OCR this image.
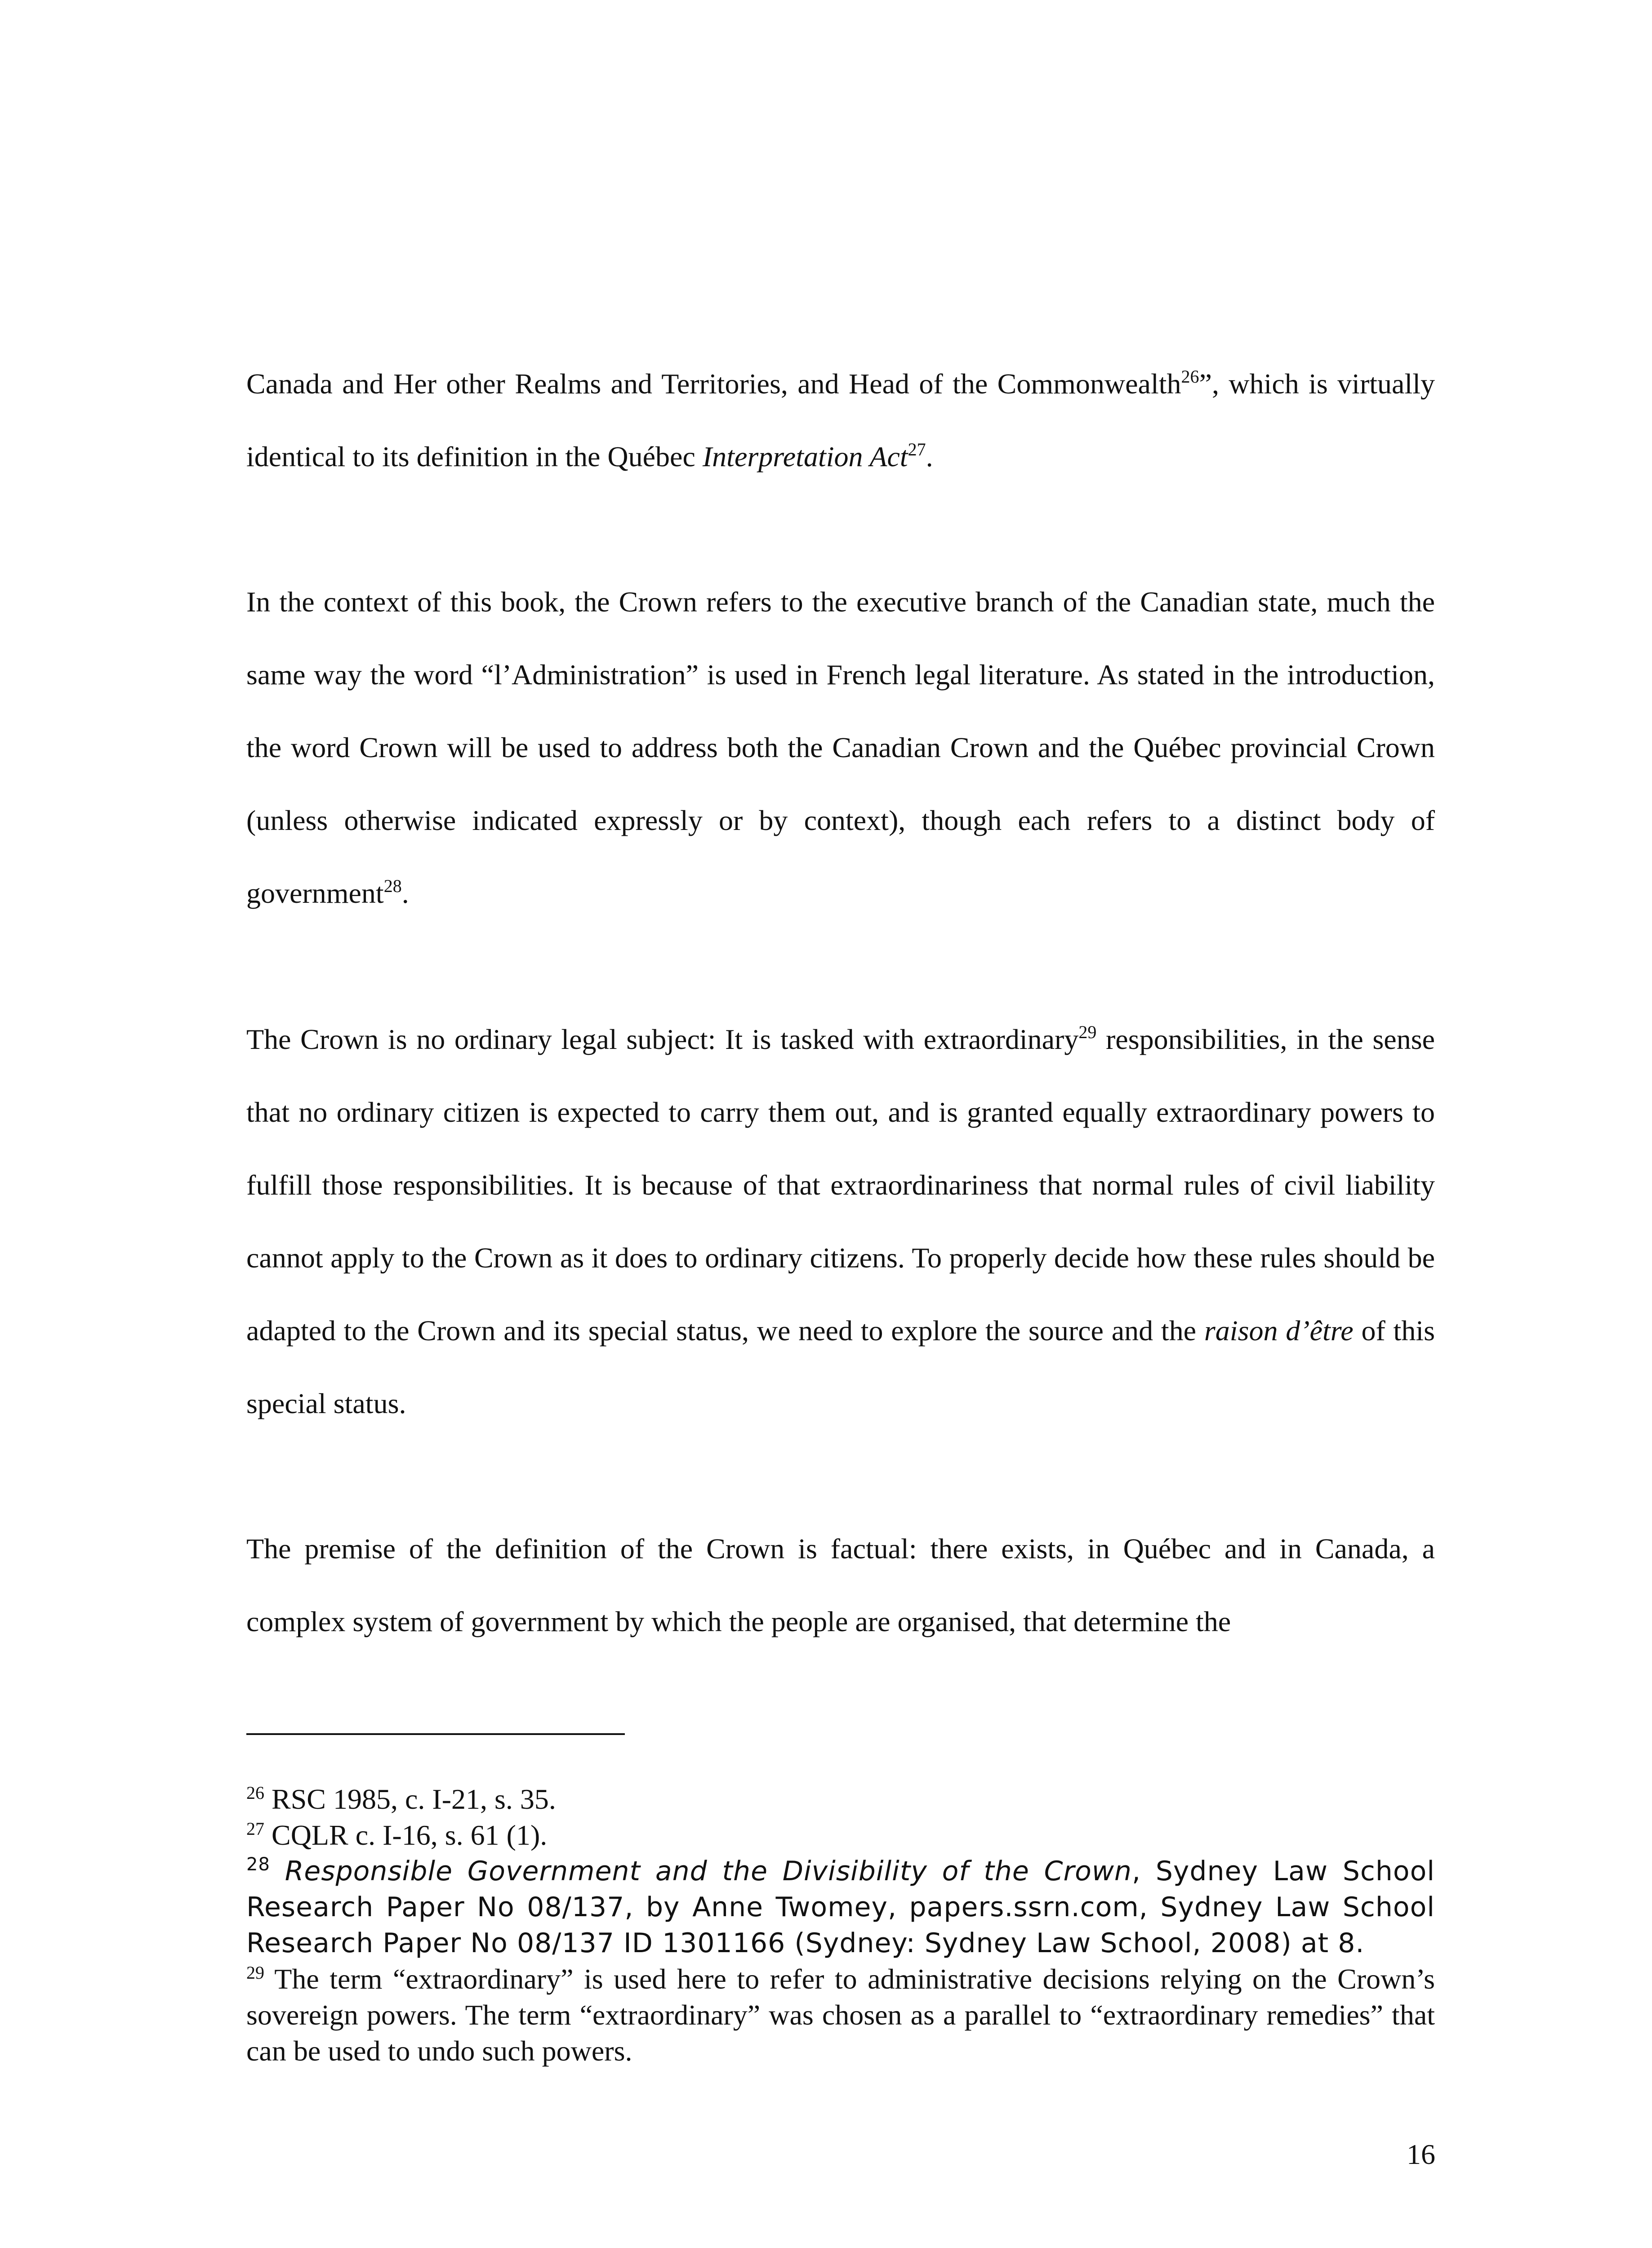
Canada and Her other Realms and Territories, and Head of the Commonwealth$^{26}$”, which is virtually identical to its definition in the Québec Interpretation Act$^{27}$.

In the context of this book, the Crown refers to the executive branch of the Canadian state, much the same way the word “l’Administration” is used in French legal literature. As stated in the introduction, the word Crown will be used to address both the Canadian Crown and the Québec provincial Crown (unless otherwise indicated expressly or by context), though each refers to a distinct body of government$^{28}$.

The Crown is no ordinary legal subject: It is tasked with extraordinary$^{29}$ responsibilities, in the sense that no ordinary citizen is expected to carry them out, and is granted equally extraordinary powers to fulfill those responsibilities. It is because of that extraordinariness that normal rules of civil liability cannot apply to the Crown as it does to ordinary citizens. To properly decide how these rules should be adapted to the Crown and its special status, we need to explore the source and the raison d’être of this special status.

The premise of the definition of the Crown is factual: there exists, in Québec and in Canada, a complex system of government by which the people are organised, that determine the

$^{26}$ RSC 1985, c. I-21, s. 35.

$^{27}$ CQLR c. I-16, s. 61 (1).

$^{28}$ Responsible Government and the Divisibility of the Crown, Sydney Law School Research Paper No 08/137, by Anne Twomey, papers.ssrn.com, Sydney Law School Research Paper No 08/137 ID 1301166 (Sydney: Sydney Law School, 2008) at 8.

$^{29}$ The term “extraordinary” is used here to refer to administrative decisions relying on the Crown’s sovereign powers. The term “extraordinary” was chosen as a parallel to “extraordinary remedies” that can be used to undo such powers.

16
